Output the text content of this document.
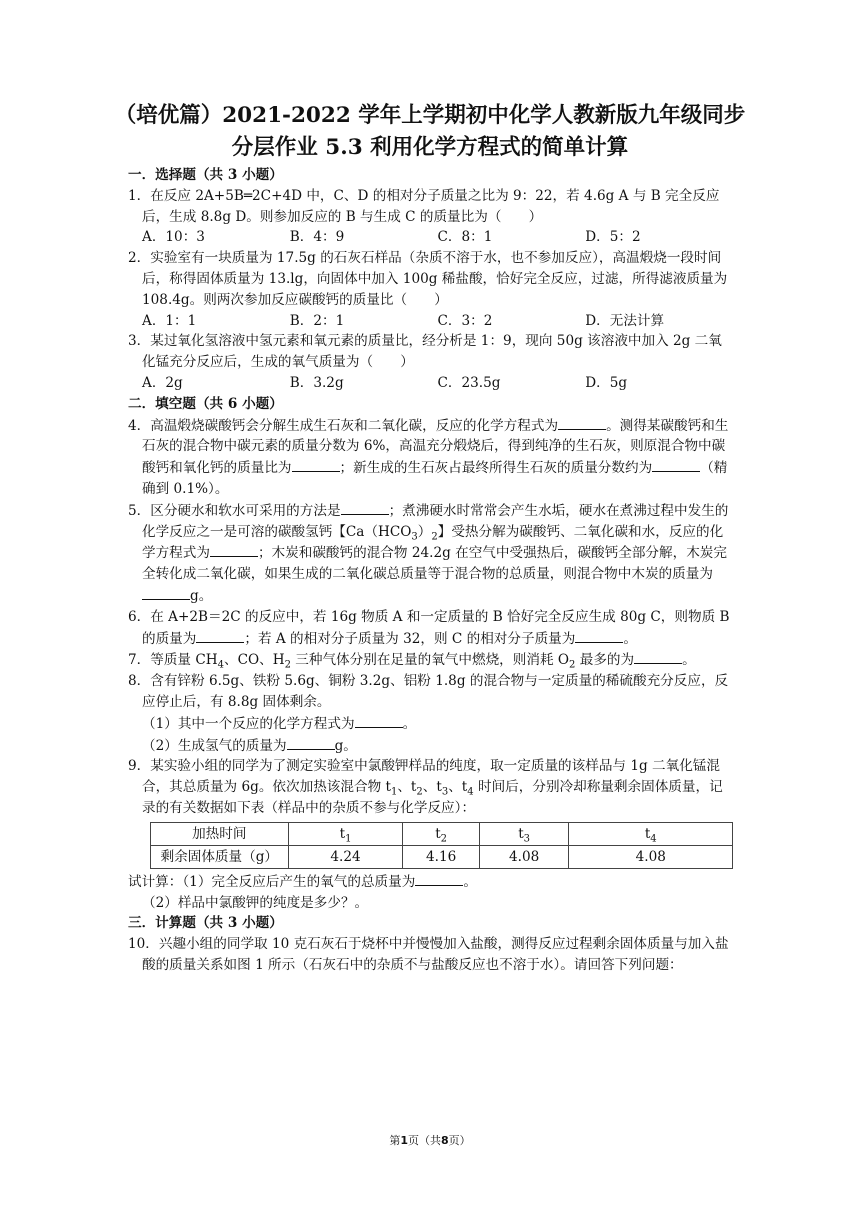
（培优篇）2021-2022 学年上学期初中化学人教新版九年级同步
分层作业 5.3 利用化学方程式的简单计算

一．选择题（共 3 小题）

1．在反应 2A+5B═2C+4D 中，C、D 的相对分子质量之比为 9：22，若 4.6g A 与 B 完全反应后，生成 8.8g D。则参加反应的 B 与生成 C 的质量比为（　　）

A．10：3	B．4：9	C．8：1	D．5：2

2．实验室有一块质量为 17.5g 的石灰石样品（杂质不溶于水，也不参加反应），高温煅烧一段时间后，称得固体质量为 13.lg，向固体中加入 100g 稀盐酸，恰好完全反应，过滤，所得滤液质量为 108.4g。则两次参加反应碳酸钙的质量比（　　）

A．1：1	B．2：1	C．3：2	D．无法计算

3．某过氧化氢溶液中氢元素和氧元素的质量比，经分析是 1：9，现向 50g 该溶液中加入 2g 二氧化锰充分反应后，生成的氧气质量为（　　）

A．2g	B．3.2g	C．23.5g	D．5g

二．填空题（共 6 小题）

4．高温煅烧碳酸钙会分解生成生石灰和二氧化碳，反应的化学方程式为	。测得某碳酸钙和生石灰的混合物中碳元素的质量分数为 6%，高温充分煅烧后，得到纯净的生石灰，则原混合物中碳酸钙和氧化钙的质量比为	；新生成的生石灰占最终所得生石灰的质量分数约为	（精确到 0.1%）。

5．区分硬水和软水可采用的方法是	；煮沸硬水时常常会产生水垢，硬水在煮沸过程中发生的化学反应之一是可溶的碳酸氢钙【$Ca(HCO_3)_2$】受热分解为碳酸钙、二氧化碳和水，反应的化学方程式为	；木炭和碳酸钙的混合物 24.2g 在空气中受强热后，碳酸钙全部分解，木炭完全转化成二氧化碳，如果生成的二氧化碳总质量等于混合物的总质量，则混合物中木炭的质量为g。

6．在 A+2B＝2C 的反应中，若 16g 物质 A 和一定质量的 B 恰好完全反应生成 80g C，则物质 B 的质量为	；若 A 的相对分子质量为 32，则 C 的相对分子质量为	。

7．等质量 $CH_4$、CO、$H_2$ 三种气体分别在足量的氧气中燃烧，则消耗 $O_2$ 最多的为	。

8．含有锌粉 6.5g、铁粉 5.6g、铜粉 3.2g、铝粉 1.8g 的混合物与一定质量的稀硫酸充分反应，反应停止后，有 8.8g 固体剩余。

（1）其中一个反应的化学方程式为	。

（2）生成氢气的质量为	g。

9．某实验小组的同学为了测定实验室中氯酸钾样品的纯度，取一定质量的该样品与 1g 二氧化锰混合，其总质量为 6g。依次加热该混合物 $t_1$、$t_2$、$t_3$、$t_4$ 时间后，分别冷却称量剩余固体质量，记录的有关数据如下表（样品中的杂质不参与化学反应）：

加热时间	$t_1$	$t_2$	$t_3$	$t_4$
剩余固体质量（g）	4.24	4.16	4.08	4.08

试计算：（1）完全反应后产生的氧气的总质量为	。

（2）样品中氯酸钾的纯度是多少？。

三．计算题（共 3 小题）

10．兴趣小组的同学取 10 克石灰石于烧杯中并慢慢加入盐酸，测得反应过程剩余固体质量与加入盐酸的质量关系如图 1 所示（石灰石中的杂质不与盐酸反应也不溶于水）。请回答下列问题：

第1页（共8页）
